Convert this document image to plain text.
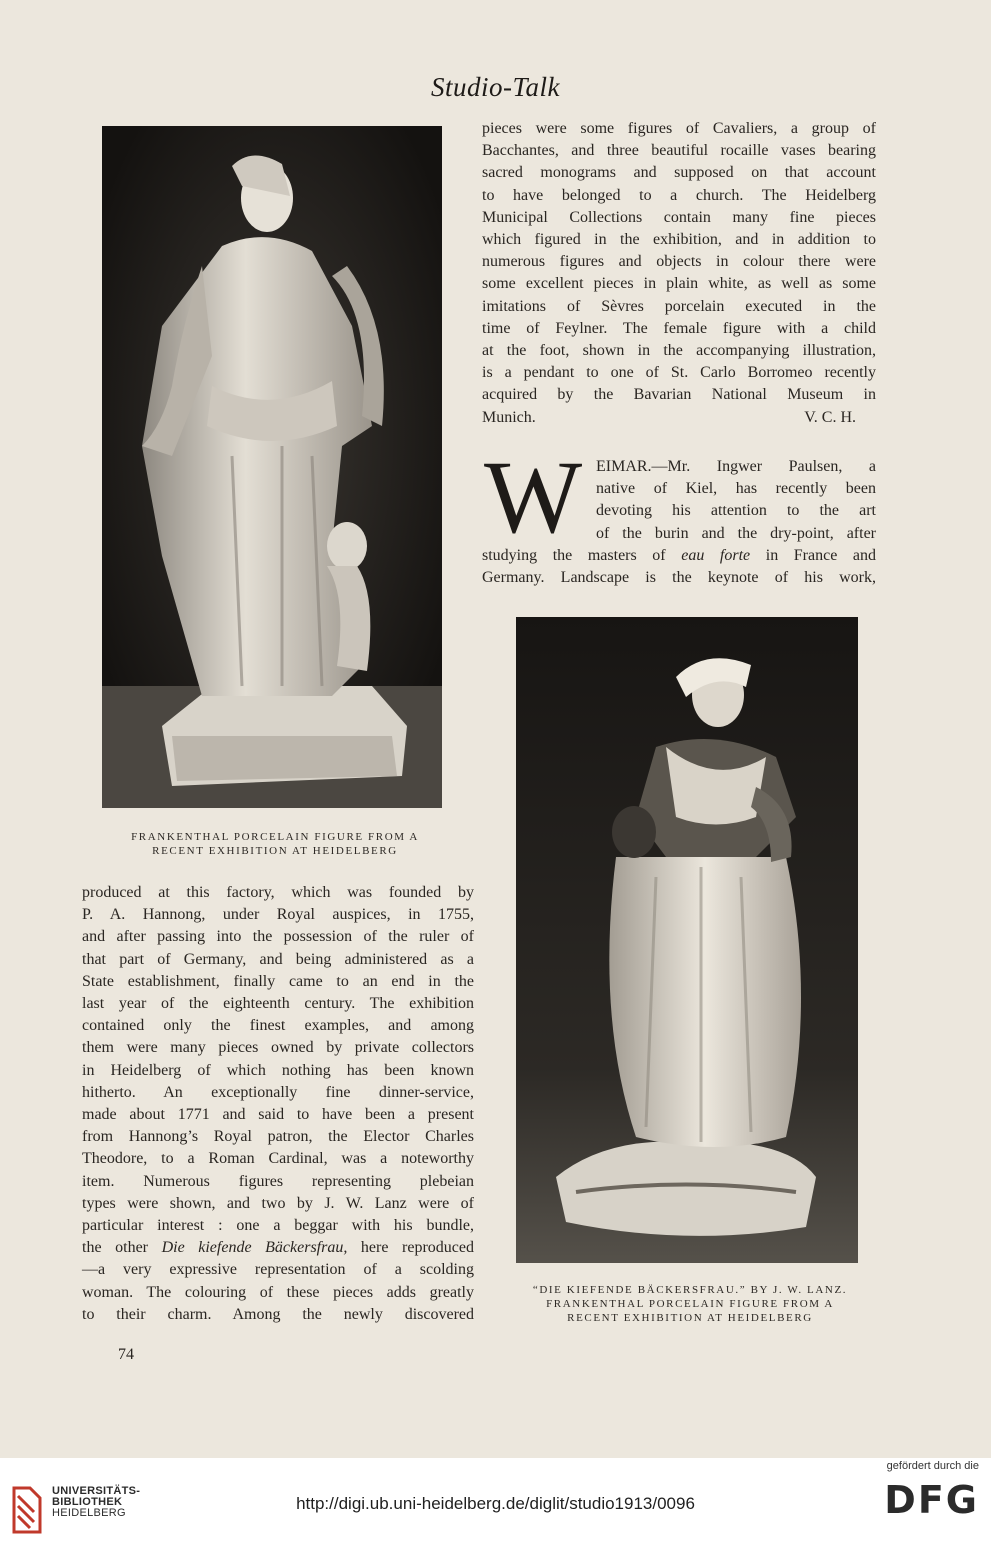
Studio-Talk
FRANKENTHAL PORCELAIN FIGURE FROM A
RECENT EXHIBITION AT HEIDELBERG
pieces were some figures of Cavaliers, a group of
Bacchantes, and three beautiful rocaille vases bearing
sacred monograms and supposed on that account
to have belonged to a church. The Heidelberg
Municipal Collections contain many fine pieces
which figured in the exhibition, and in addition to
numerous figures and objects in colour there were
some excellent pieces in plain white, as well as some
imitations of Sèvres porcelain executed in the
time of Feylner. The female figure with a child
at the foot, shown in the accompanying illustration,
is a pendant to one of St. Carlo Borromeo recently
acquired by the Bavarian National Museum in
Munich.	V. C. H.
W EIMAR.—Mr. Ingwer Paulsen, a
native of Kiel, has recently been
devoting his attention to the art
of the burin and the dry-point, after
studying the masters of eau forte in France and
Germany. Landscape is the keynote of his work,
“DIE KIEFENDE BÄCKERSFRAU.” BY J. W. LANZ.
FRANKENTHAL PORCELAIN FIGURE FROM A
RECENT EXHIBITION AT HEIDELBERG
produced at this factory, which was founded by
P. A. Hannong, under Royal auspices, in 1755,
and after passing into the possession of the ruler of
that part of Germany, and being administered as a
State establishment, finally came to an end in the
last year of the eighteenth century. The exhibition
contained only the finest examples, and among
them were many pieces owned by private collectors
in Heidelberg of which nothing has been known
hitherto. An exceptionally fine dinner-service,
made about 1771 and said to have been a present
from Hannong’s Royal patron, the Elector Charles
Theodore, to a Roman Cardinal, was a noteworthy
item. Numerous figures representing plebeian
types were shown, and two by J. W. Lanz were of
particular interest : one a beggar with his bundle,
the other Die kiefende Bäckersfrau, here reproduced
—a very expressive representation of a scolding
woman. The colouring of these pieces adds greatly
to their charm. Among the newly discovered
74
UNIVERSITÄTS-
BIBLIOTHEK
HEIDELBERG	http://digi.ub.uni-heidelberg.de/diglit/studio1913/0096
gefördert durch die
DFG
